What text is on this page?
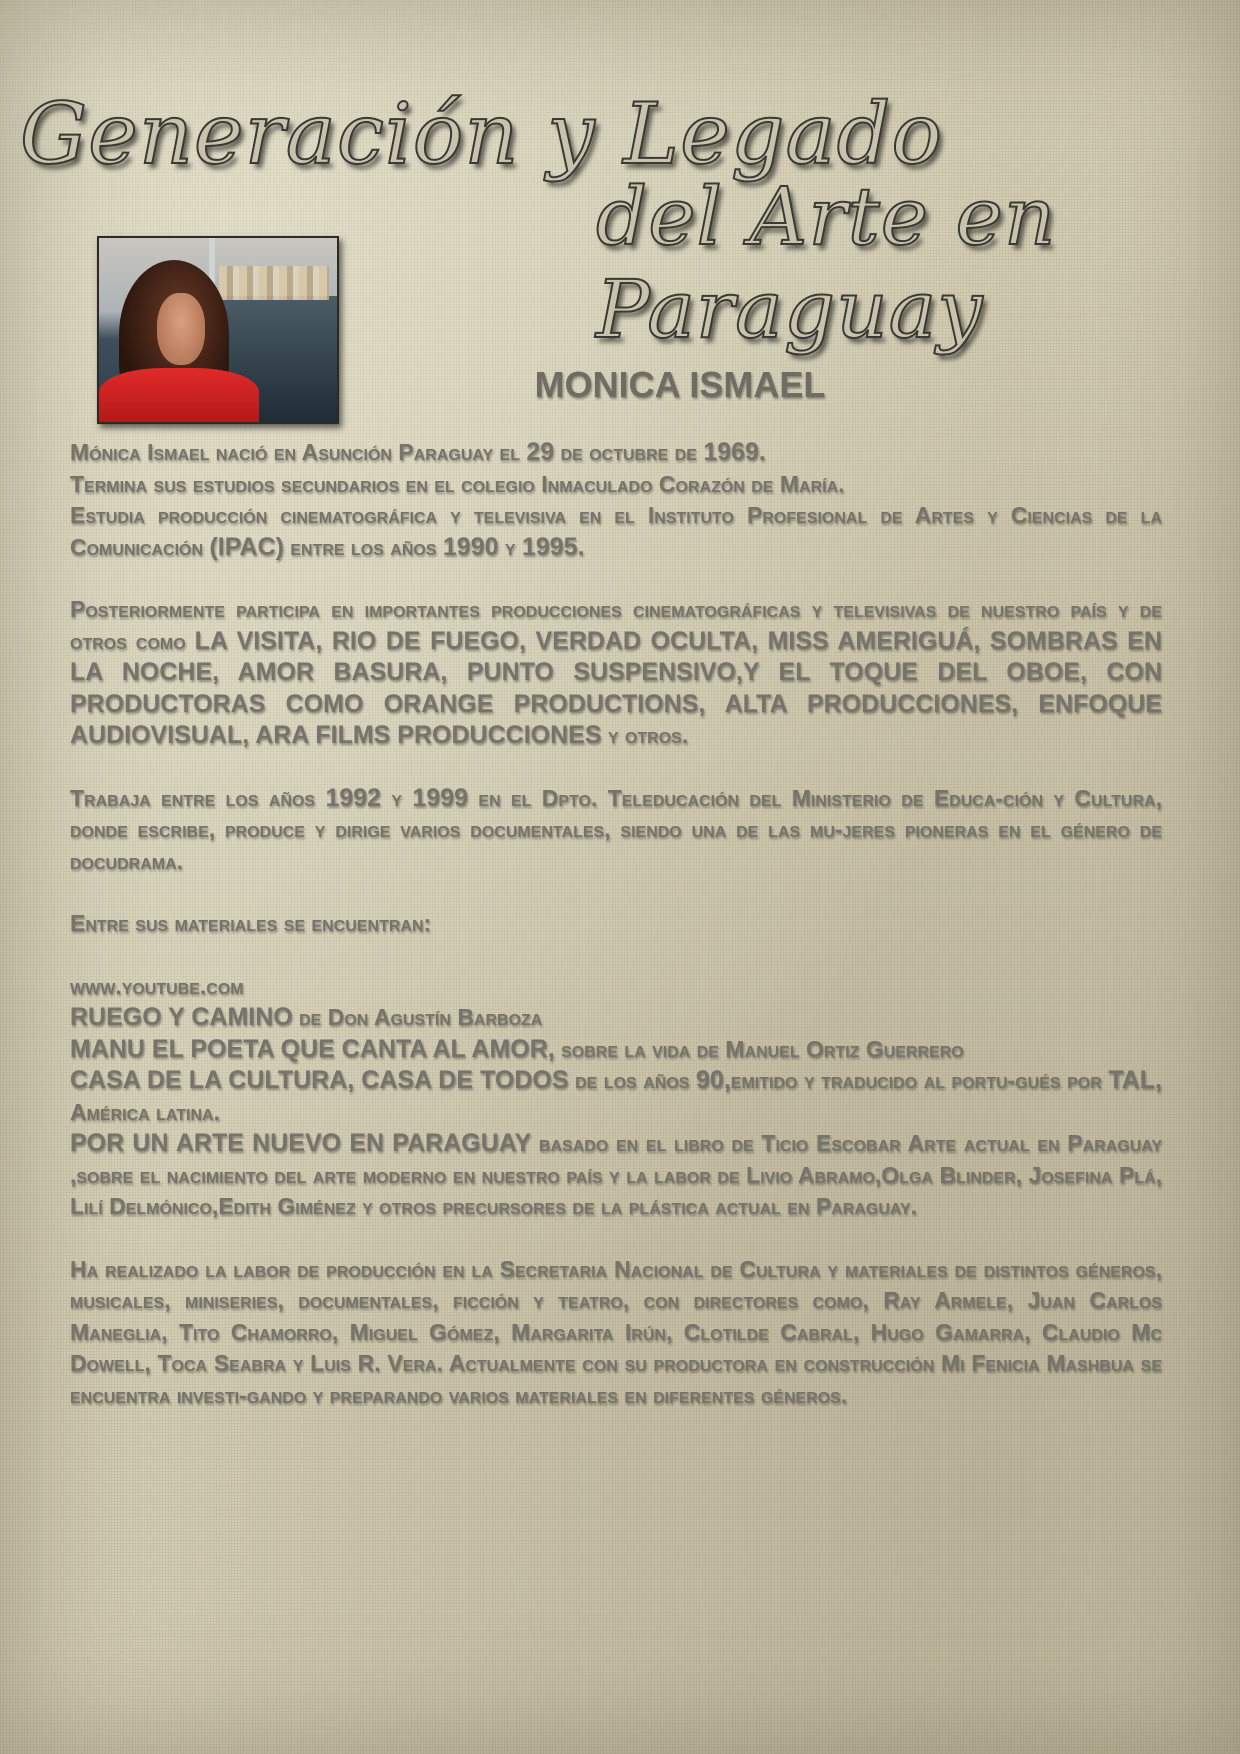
Generación y Legado
del Arte en Paraguay
MONICA ISMAEL

Mónica Ismael nació en Asunción Paraguay el 29 de octubre de 1969.
Termina sus estudios secundarios en el colegio Inmaculado Corazón de María.
Estudia producción cinematográfica y televisiva en el Instituto Profesional de Artes y Ciencias de la Comunicación (IPAC) entre los años 1990 y 1995.

Posteriormente participa en importantes producciones cinematográficas y televisivas de nuestro país y de otros como LA VISITA, RIO DE FUEGO, VERDAD OCULTA, MISS AMERIGUÁ, SOMBRAS EN LA NOCHE, AMOR BASURA, PUNTO SUSPENSIVO,Y EL TOQUE DEL OBOE, CON PRODUCTORAS COMO ORANGE PRODUCTIONS, ALTA PRODUCCIONES, ENFOQUE AUDIOVISUAL, ARA FILMS PRODUCCIONES y otros.

Trabaja entre los años 1992 y 1999 en el Dpto. Teleducación del Ministerio de Educa-ción y Cultura, donde escribe, produce y dirige varios documentales, siendo una de las mu-jeres pioneras en el género de docudrama.

Entre sus materiales se encuentran:

www.youtube.com
RUEGO Y CAMINO de Don Agustín Barboza
MANU EL POETA QUE CANTA AL AMOR, sobre la vida de Manuel Ortiz Guerrero
CASA DE LA CULTURA, CASA DE TODOS de los años 90,emitido y traducido al portu-gués por TAL, América latina.
POR UN ARTE NUEVO EN PARAGUAY basado en el libro de Ticio Escobar Arte actual en Paraguay ,sobre el nacimiento del arte moderno en nuestro país y la labor de Livio Abramo,Olga Blinder, Josefina Plá, Lilí Delmónico,Edith Giménez y otros precursores de la plástica actual en Paraguay.

Ha realizado la labor de producción en la Secretaria Nacional de Cultura y materiales de distintos géneros, musicales, miniseries, documentales, ficción y teatro, con directores como, Ray Armele, Juan Carlos Maneglia, Tito Chamorro, Miguel Gómez, Margarita Irún, Clotilde Cabral, Hugo Gamarra, Claudio Mc Dowell, Toca Seabra y Luis R. Vera. Actualmente con su productora en construcción Mi Fenicia Mashbua se encuentra investi-gando y preparando varios materiales en diferentes géneros.
